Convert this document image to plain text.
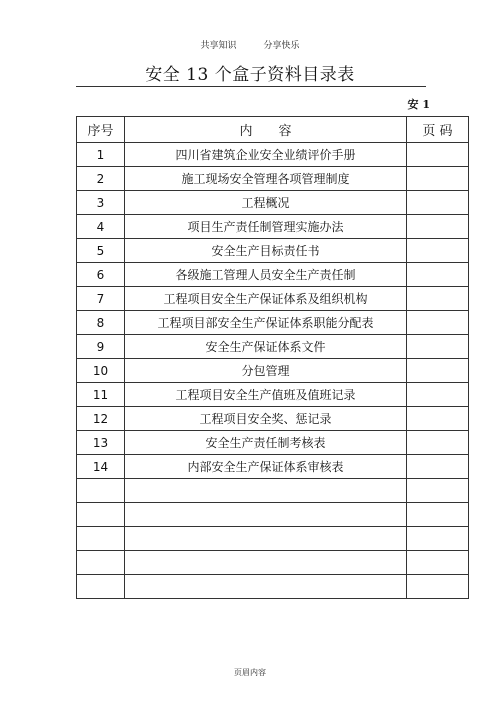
共享知识	分享快乐
安全 13 个盒子资料目录表
安 1
序号	内　　容	页 码
1	四川省建筑企业安全业绩评价手册	
2	施工现场安全管理各项管理制度	
3	工程概况	
4	项目生产责任制管理实施办法	
5	安全生产目标责任书	
6	各级施工管理人员安全生产责任制	
7	工程项目安全生产保证体系及组织机构	
8	工程项目部安全生产保证体系职能分配表	
9	安全生产保证体系文件	
10	分包管理	
11	工程项目安全生产值班及值班记录	
12	工程项目安全奖、惩记录	
13	安全生产责任制考核表	
14	内部安全生产保证体系审核表	

页眉内容
